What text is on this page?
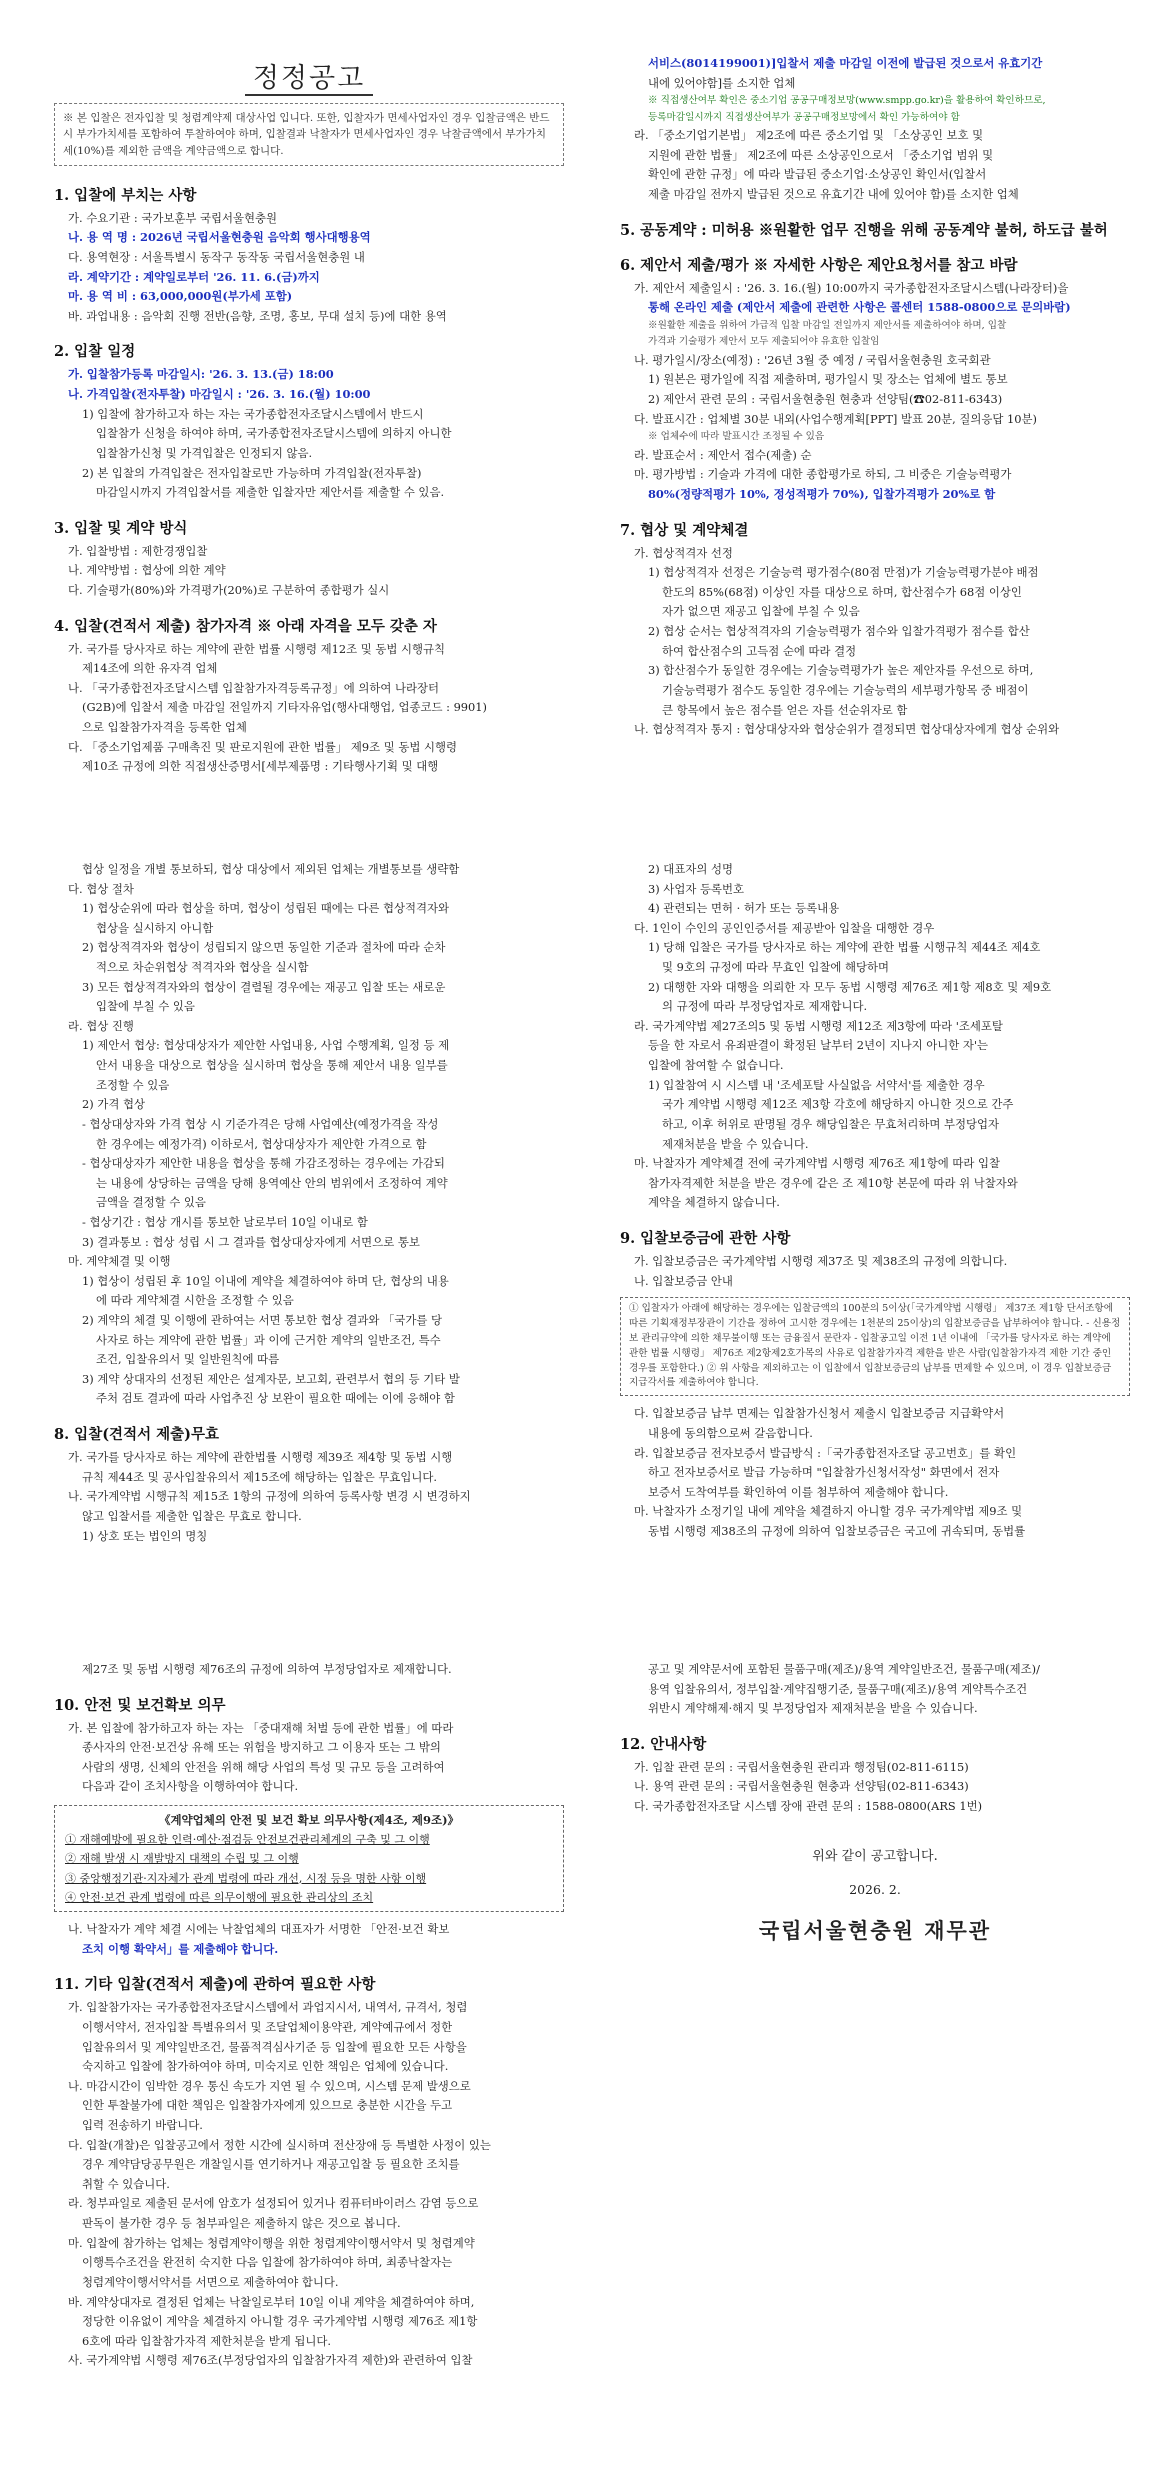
정정공고
※ 본 입찰은 전자입찰 및 청렴계약제 대상사업 입니다. 또한, 입찰자가 면세사업자인 경우 입찰금액은 반드시 부가가치세를 포함하여 투찰하여야 하며, 입찰결과 낙찰자가 면세사업자인 경우 낙찰금액에서 부가가치세(10%)를 제외한 금액을 계약금액으로 합니다.
1. 입찰에 부치는 사항

가. 수요기관 : 국가보훈부 국립서울현충원

나. 용 역 명 : 2026년 국립서울현충원 음악회 행사대행용역

다. 용역현장 : 서울특별시 동작구 동작동 국립서울현충원 내

라. 계약기간 : 계약일로부터 '26. 11. 6.(금)까지

마. 용 역 비 : 63,000,000원(부가세 포함)

바. 과업내용 : 음악회 진행 전반(음향, 조명, 홍보, 무대 설치 등)에 대한 용역

2. 입찰 일정

가. 입찰참가등록 마감일시: '26. 3. 13.(금) 18:00

나. 가격입찰(전자투찰) 마감일시 : '26. 3. 16.(월) 10:00

1) 입찰에 참가하고자 하는 자는 국가종합전자조달시스템에서 반드시

입찰참가 신청을 하여야 하며, 국가종합전자조달시스템에 의하지 아니한

입찰참가신청 및 가격입찰은 인정되지 않음.

2) 본 입찰의 가격입찰은 전자입찰로만 가능하며 가격입찰(전자투찰)

마감일시까지 가격입찰서를 제출한 입찰자만 제안서를 제출할 수 있음.

3. 입찰 및 계약 방식

가. 입찰방법 : 제한경쟁입찰

나. 계약방법 : 협상에 의한 계약

다. 기술평가(80%)와 가격평가(20%)로 구분하여 종합평가 실시

4. 입찰(견적서 제출) 참가자격 ※ 아래 자격을 모두 갖춘 자

가. 국가를 당사자로 하는 계약에 관한 법률 시행령 제12조 및 동법 시행규칙

제14조에 의한 유자격 업체

나. 「국가종합전자조달시스템 입찰참가자격등록규정」에 의하여 나라장터

(G2B)에 입찰서 제출 마감일 전일까지 기타자유업(행사대행업, 업종코드 : 9901)

으로 입찰참가자격을 등록한 업체

다. 「중소기업제품 구매촉진 및 판로지원에 관한 법률」 제9조 및 동법 시행령

제10조 규정에 의한 직접생산증명서[세부제품명 : 기타행사기획 및 대행

서비스(8014199001)]입찰서 제출 마감일 이전에 발급된 것으로서 유효기간

내에 있어야함]를 소지한 업체

※ 직접생산여부 확인은 중소기업 공공구매정보망(www.smpp.go.kr)을 활용하여 확인하므로,

등록마감일시까지 직접생산여부가 공공구매정보망에서 확인 가능하여야 함

라. 「중소기업기본법」 제2조에 따른 중소기업 및 「소상공인 보호 및

지원에 관한 법률」 제2조에 따른 소상공인으로서 「중소기업 범위 및

확인에 관한 규정」에 따라 발급된 중소기업·소상공인 확인서(입찰서

제출 마감일 전까지 발급된 것으로 유효기간 내에 있어야 함)를 소지한 업체

5. 공동계약 : 미허용 ※원활한 업무 진행을 위해 공동계약 불허, 하도급 불허
6. 제안서 제출/평가 ※ 자세한 사항은 제안요청서를 참고 바람

가. 제안서 제출일시 : '26. 3. 16.(월) 10:00까지 국가종합전자조달시스템(나라장터)을

통해 온라인 제출 (제안서 제출에 관련한 사항은 콜센터 1588-0800으로 문의바람)

※원활한 제출을 위하여 가급적 입찰 마감일 전일까지 제안서를 제출하여야 하며, 입찰

가격과 기술평가 제안서 모두 제출되어야 유효한 입찰임

나. 평가일시/장소(예정) : '26년 3월 중 예정 / 국립서울현충원 호국회관

1) 원본은 평가일에 직접 제출하며, 평가일시 및 장소는 업체에 별도 통보

2) 제안서 관련 문의 : 국립서울현충원 현충과 선양팀(☎02-811-6343)

다. 발표시간 : 업체별 30분 내외(사업수행계획[PPT] 발표 20분, 질의응답 10분)

※ 업체수에 따라 발표시간 조정될 수 있음

라. 발표순서 : 제안서 접수(제출) 순

마. 평가방법 : 기술과 가격에 대한 종합평가로 하되, 그 비중은 기술능력평가

80%(정량적평가 10%, 정성적평가 70%), 입찰가격평가 20%로 함

7. 협상 및 계약체결

가. 협상적격자 선정

1) 협상적격자 선정은 기술능력 평가점수(80점 만점)가 기술능력평가분야 배점

한도의 85%(68점) 이상인 자를 대상으로 하며, 합산점수가 68점 이상인

자가 없으면 재공고 입찰에 부칠 수 있음

2) 협상 순서는 협상적격자의 기술능력평가 점수와 입찰가격평가 점수를 합산

하여 합산점수의 고득점 순에 따라 결정

3) 합산점수가 동일한 경우에는 기술능력평가가 높은 제안자를 우선으로 하며,

기술능력평가 점수도 동일한 경우에는 기술능력의 세부평가항목 중 배점이

큰 항목에서 높은 점수를 얻은 자를 선순위자로 함

나. 협상적격자 통지 : 협상대상자와 협상순위가 결정되면 협상대상자에게 협상 순위와

협상 일정을 개별 통보하되, 협상 대상에서 제외된 업체는 개별통보를 생략함

다. 협상 절차

1) 협상순위에 따라 협상을 하며, 협상이 성립된 때에는 다른 협상적격자와

협상을 실시하지 아니함

2) 협상적격자와 협상이 성립되지 않으면 동일한 기준과 절차에 따라 순차

적으로 차순위협상 적격자와 협상을 실시함

3) 모든 협상적격자와의 협상이 결렬될 경우에는 재공고 입찰 또는 새로운

입찰에 부칠 수 있음

라. 협상 진행

1) 제안서 협상: 협상대상자가 제안한 사업내용, 사업 수행계획, 일정 등 제

안서 내용을 대상으로 협상을 실시하며 협상을 통해 제안서 내용 일부를

조정할 수 있음

2) 가격 협상

- 협상대상자와 가격 협상 시 기준가격은 당해 사업예산(예정가격을 작성

한 경우에는 예정가격) 이하로서, 협상대상자가 제안한 가격으로 함

- 협상대상자가 제안한 내용을 협상을 통해 가감조정하는 경우에는 가감되

는 내용에 상당하는 금액을 당해 용역예산 안의 범위에서 조정하여 계약

금액을 결정할 수 있음

- 협상기간 : 협상 개시를 통보한 날로부터 10일 이내로 함

3) 결과통보 : 협상 성립 시 그 결과를 협상대상자에게 서면으로 통보

마. 계약체결 및 이행

1) 협상이 성립된 후 10일 이내에 계약을 체결하여야 하며 단, 협상의 내용

에 따라 계약체결 시한을 조정할 수 있음

2) 계약의 체결 및 이행에 관하여는 서면 통보한 협상 결과와 「국가를 당

사자로 하는 계약에 관한 법률」과 이에 근거한 계약의 일반조건, 특수

조건, 입찰유의서 및 일반원칙에 따름

3) 계약 상대자의 선정된 제안은 설계자문, 보고회, 관련부서 협의 등 기타 발

주처 검토 결과에 따라 사업추진 상 보완이 필요한 때에는 이에 응해야 함

8. 입찰(견적서 제출)무효

가. 국가를 당사자로 하는 계약에 관한법률 시행령 제39조 제4항 및 동법 시행

규칙 제44조 및 공사입찰유의서 제15조에 해당하는 입찰은 무효입니다.

나. 국가계약법 시행규칙 제15조 1항의 규정에 의하여 등록사항 변경 시 변경하지

않고 입찰서를 제출한 입찰은 무효로 합니다.

1) 상호 또는 법인의 명칭

2) 대표자의 성명

3) 사업자 등록번호

4) 관련되는 면허 · 허가 또는 등록내용

다. 1인이 수인의 공인인증서를 제공받아 입찰을 대행한 경우

1) 당해 입찰은 국가를 당사자로 하는 계약에 관한 법률 시행규칙 제44조 제4호

및 9호의 규정에 따라 무효인 입찰에 해당하며

2) 대행한 자와 대행을 의뢰한 자 모두 동법 시행령 제76조 제1항 제8호 및 제9호

의 규정에 따라 부정당업자로 제재합니다.

라. 국가계약법 제27조의5 및 동법 시행령 제12조 제3항에 따라 '조세포탈

등을 한 자로서 유죄판결이 확정된 날부터 2년이 지나지 아니한 자'는

입찰에 참여할 수 없습니다.

1) 입찰참여 시 시스템 내 '조세포탈 사실없음 서약서'를 제출한 경우

국가 계약법 시행령 제12조 제3항 각호에 해당하지 아니한 것으로 간주

하고, 이후 허위로 판명될 경우 해당입찰은 무효처리하며 부정당업자

제재처분을 받을 수 있습니다.

마. 낙찰자가 계약체결 전에 국가계약법 시행령 제76조 제1항에 따라 입찰

참가자격제한 처분을 받은 경우에 같은 조 제10항 본문에 따라 위 낙찰자와

계약을 체결하지 않습니다.

9. 입찰보증금에 관한 사항

가. 입찰보증금은 국가계약법 시행령 제37조 및 제38조의 규정에 의합니다.

나. 입찰보증금 안내

① 입찰자가 아래에 해당하는 경우에는 입찰금액의 100분의 5이상(「국가계약법 시행령」 제37조 제1항 단서조항에 따른 기획재정부장관이 기간을 정하여 고시한 경우에는 1천분의 25이상)의 입찰보증금을 납부하여야 합니다. - 신용정보 관리규약에 의한 채무불이행 또는 금융질서 문란자 - 입찰공고일 이전 1년 이내에 「국가를 당사자로 하는 계약에 관한 법률 시행령」 제76조 제2항제2호가목의 사유로 입찰참가자격 제한을 받은 사람(입찰참가자격 제한 기간 중인 경우를 포함한다.) ② 위 사항을 제외하고는 이 입찰에서 입찰보증금의 납부를 면제할 수 있으며, 이 경우 입찰보증금 지급각서를 제출하여야 합니다.

다. 입찰보증금 납부 면제는 입찰참가신청서 제출시 입찰보증금 지급확약서

내용에 동의함으로써 갈음합니다.

라. 입찰보증금 전자보증서 발급방식 :「국가종합전자조달 공고번호」를 확인

하고 전자보증서로 발급 가능하며 "입찰참가신청서작성" 화면에서 전자

보증서 도착여부를 확인하여 이를 첨부하여 제출해야 합니다.

마. 낙찰자가 소정기일 내에 계약을 체결하지 아니할 경우 국가계약법 제9조 및

동법 시행령 제38조의 규정에 의하여 입찰보증금은 국고에 귀속되며, 동법률

제27조 및 동법 시행령 제76조의 규정에 의하여 부정당업자로 제재합니다.

10. 안전 및 보건확보 의무

가. 본 입찰에 참가하고자 하는 자는 「중대재해 처벌 등에 관한 법률」에 따라

종사자의 안전·보건상 유해 또는 위험을 방지하고 그 이용자 또는 그 밖의

사람의 생명, 신체의 안전을 위해 해당 사업의 특성 및 규모 등을 고려하여

다음과 같이 조치사항을 이행하여야 합니다.

《계약업체의 안전 및 보건 확보 의무사항(제4조, 제9조)》
① 재해예방에 필요한 인력·예산·점검등 안전보건관리체계의 구축 및 그 이행
② 재해 발생 시 재발방지 대책의 수립 및 그 이행
③ 중앙행정기관·지자체가 관계 법령에 따라 개선, 시정 등을 명한 사항 이행
④ 안전·보건 관계 법령에 따른 의무이행에 필요한 관리상의 조치

나. 낙찰자가 계약 체결 시에는 낙찰업체의 대표자가 서명한 「안전·보건 확보

조치 이행 확약서」를 제출해야 합니다.

11. 기타 입찰(견적서 제출)에 관하여 필요한 사항

가. 입찰참가자는 국가종합전자조달시스템에서 과업지시서, 내역서, 규격서, 청렴

이행서약서, 전자입찰 특별유의서 및 조달업체이용약관, 계약예규에서 정한

입찰유의서 및 계약일반조건, 물품적격심사기준 등 입찰에 필요한 모든 사항을

숙지하고 입찰에 참가하여야 하며, 미숙지로 인한 책임은 업체에 있습니다.

나. 마감시간이 임박한 경우 통신 속도가 지연 될 수 있으며, 시스템 문제 발생으로

인한 투찰불가에 대한 책임은 입찰참가자에게 있으므로 충분한 시간을 두고

입력 전송하기 바랍니다.

다. 입찰(개찰)은 입찰공고에서 정한 시간에 실시하며 전산장애 등 특별한 사정이 있는

경우 계약담당공무원은 개찰일시를 연기하거나 재공고입찰 등 필요한 조치를

취할 수 있습니다.

라. 청부파일로 제출된 문서에 암호가 설정되어 있거나 컴퓨터바이러스 감염 등으로

판독이 불가한 경우 등 첨부파일은 제출하지 않은 것으로 봅니다.

마. 입찰에 참가하는 업체는 청렴계약이행을 위한 청렴계약이행서약서 및 청렴계약

이행특수조건을 완전히 숙지한 다음 입찰에 참가하여야 하며, 최종낙찰자는

청렴계약이행서약서를 서면으로 제출하여야 합니다.

바. 계약상대자로 결정된 업체는 낙찰일로부터 10일 이내 계약을 체결하여야 하며,

정당한 이유없이 계약을 체결하지 아니할 경우 국가계약법 시행령 제76조 제1항

6호에 따라 입찰참가자격 제한처분을 받게 됩니다.

사. 국가계약법 시행령 제76조(부정당업자의 입찰참가자격 제한)와 관련하여 입찰

공고 및 계약문서에 포함된 물품구매(제조)/용역 계약일반조건, 물품구매(제조)/

용역 입찰유의서, 정부입찰·계약집행기준, 물품구매(제조)/용역 계약특수조건

위반시 계약해제·해지 및 부정당업자 제재처분을 받을 수 있습니다.

12. 안내사항

가. 입찰 관련 문의 : 국립서울현충원 관리과 행정팀(02-811-6115)

나. 용역 관련 문의 : 국립서울현충원 현충과 선양팀(02-811-6343)

다. 국가종합전자조달 시스템 장애 관련 문의 : 1588-0800(ARS 1번)

위와 같이 공고합니다.
2026. 2.
국립서울현충원 재무관
